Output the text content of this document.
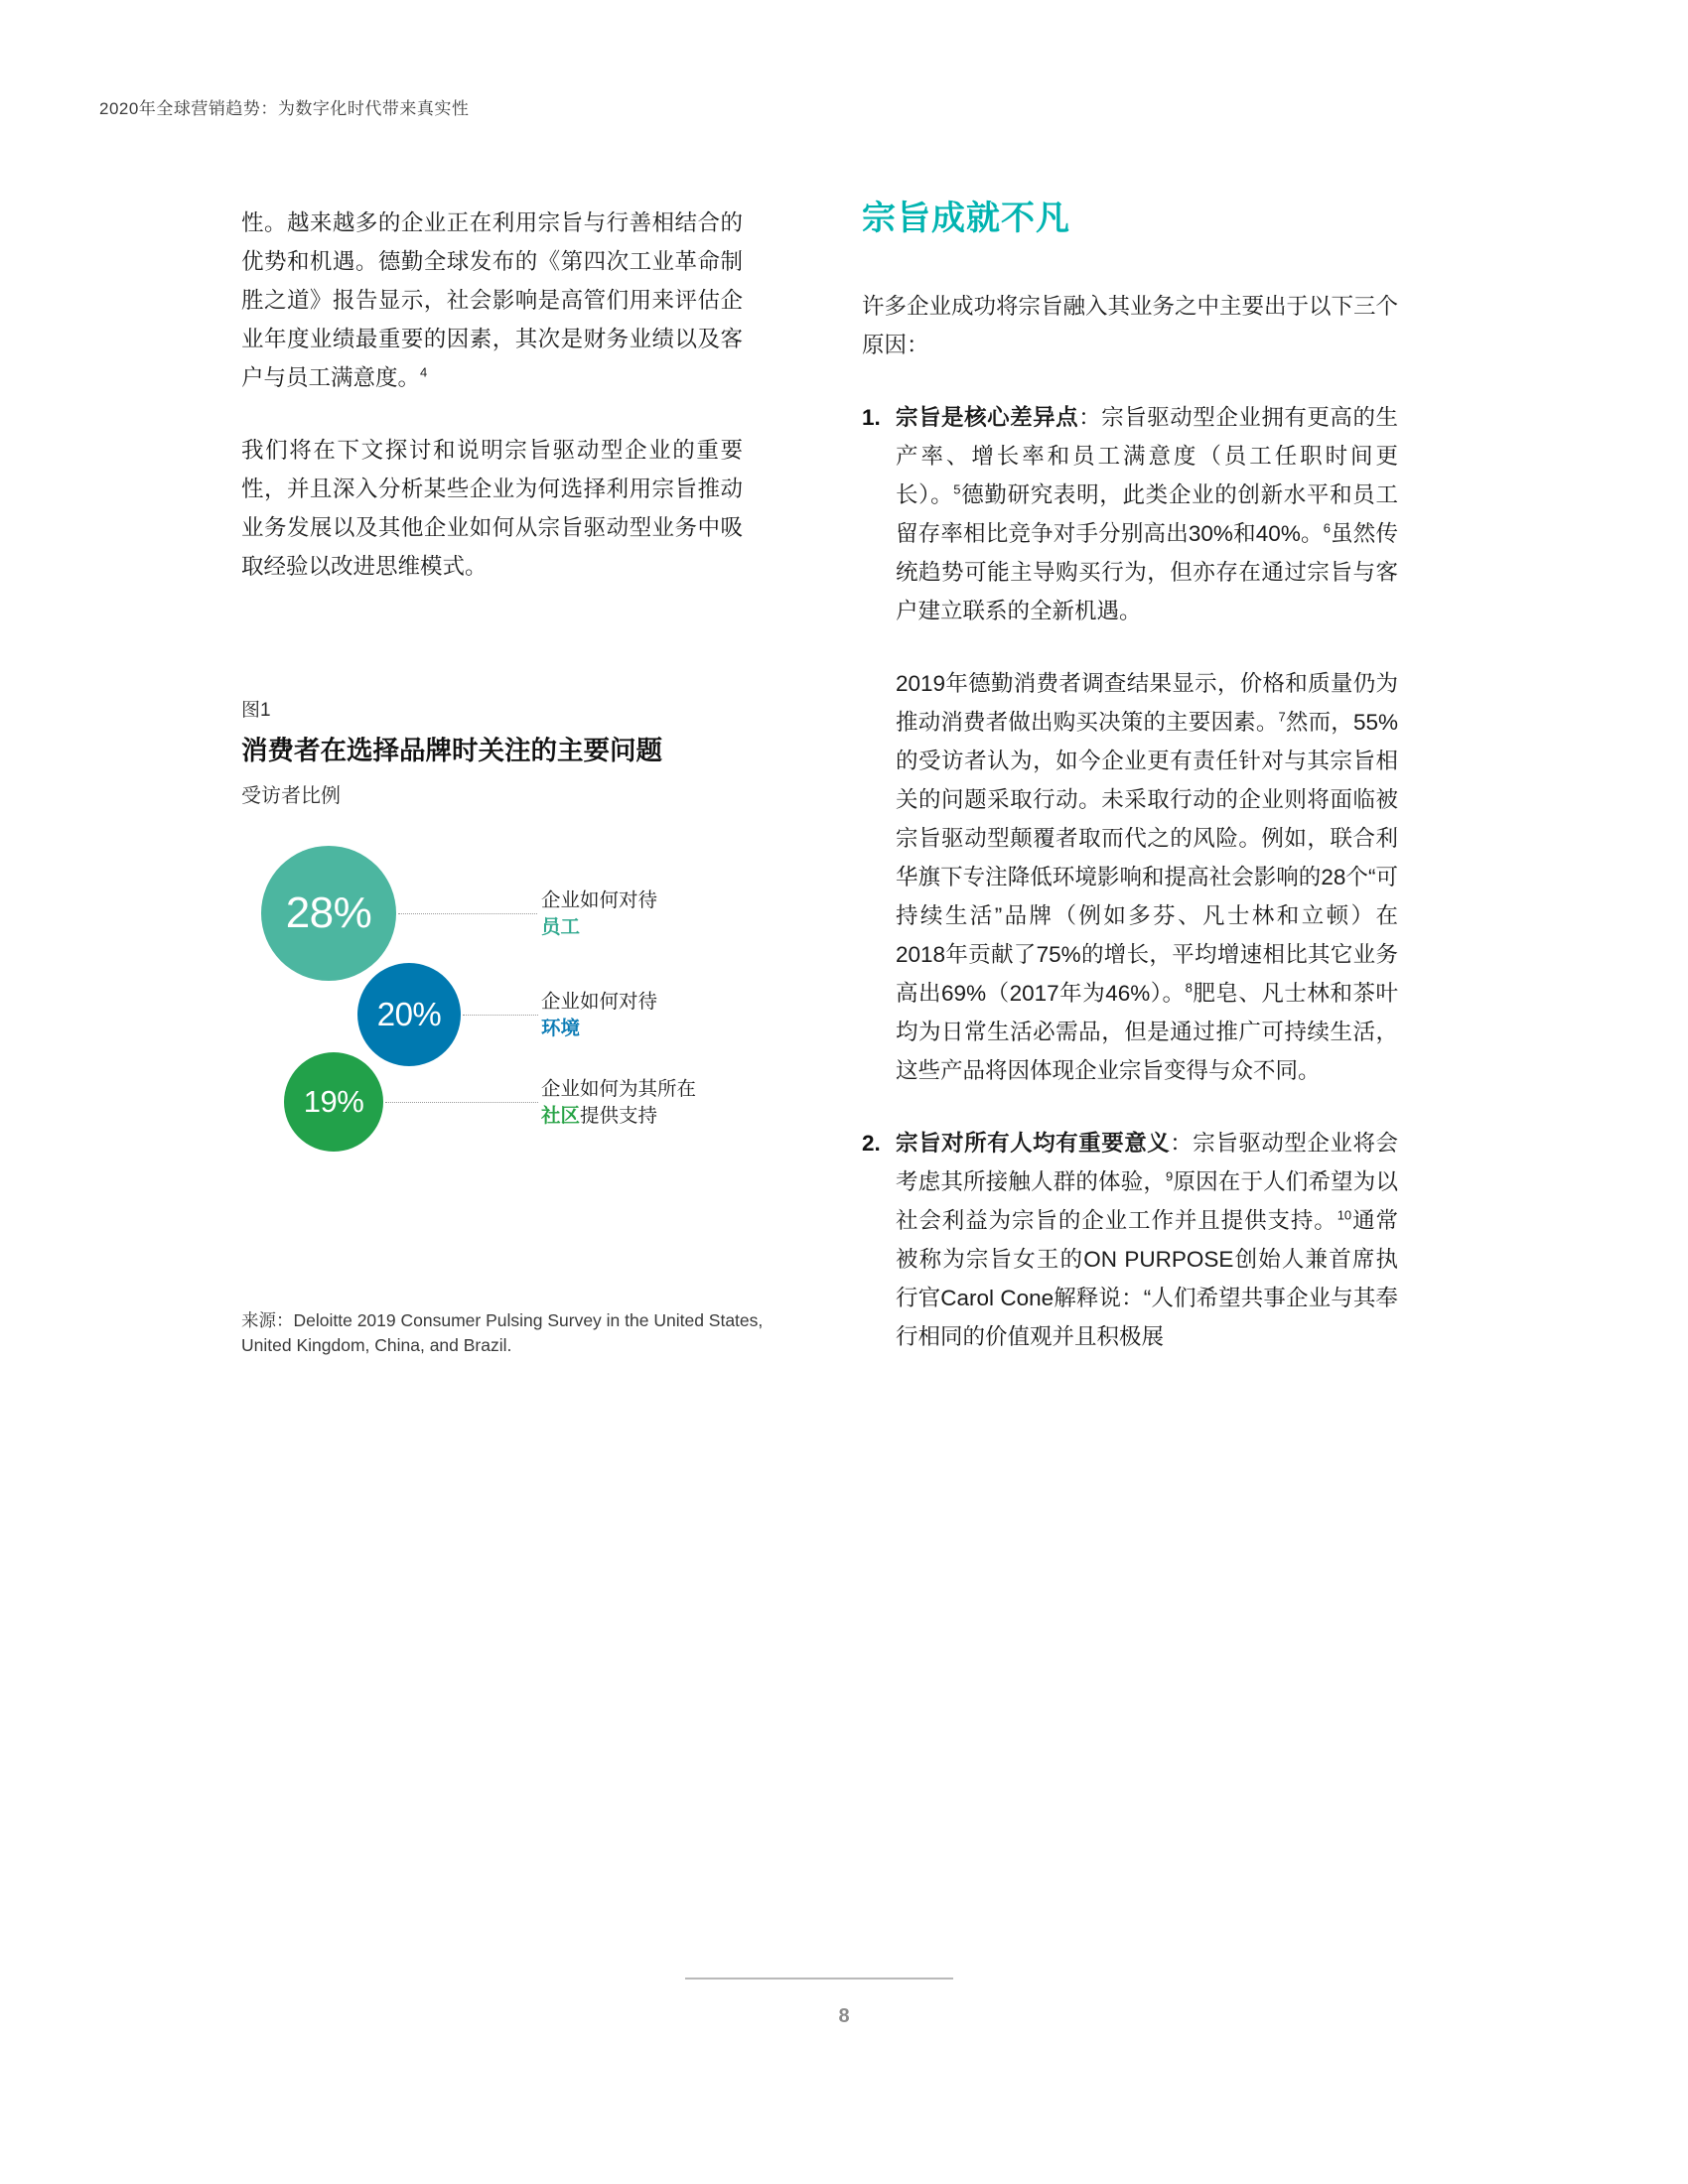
2020年全球营销趋势：为数字化时代带来真实性

性。越来越多的企业正在利用宗旨与行善相结合的优势和机遇。德勤全球发布的《第四次工业革命制胜之道》报告显示，社会影响是高管们用来评估企业年度业绩最重要的因素，其次是财务业绩以及客户与员工满意度。$^4$

我们将在下文探讨和说明宗旨驱动型企业的重要性，并且深入分析某些企业为何选择利用宗旨推动业务发展以及其他企业如何从宗旨驱动型业务中吸取经验以改进思维模式。

图1
消费者在选择品牌时关注的主要问题
受访者比例
28%	企业如何对待
员工
20%	企业如何对待
环境
19%	企业如何为其所在
社区提供支持
来源：Deloitte 2019 Consumer Pulsing Survey in the United States, United Kingdom, China, and Brazil.
宗旨成就不凡

许多企业成功将宗旨融入其业务之中主要出于以下三个原因：

1. 宗旨是核心差异点：宗旨驱动型企业拥有更高的生产率、增长率和员工满意度（员工任职时间更长）。$^5$德勤研究表明，此类企业的创新水平和员工留存率相比竞争对手分别高出30%和40%。$^6$虽然传统趋势可能主导购买行为，但亦存在通过宗旨与客户建立联系的全新机遇。
2019年德勤消费者调查结果显示，价格和质量仍为推动消费者做出购买决策的主要因素。$^7$然而，55%的受访者认为，如今企业更有责任针对与其宗旨相关的问题采取行动。未采取行动的企业则将面临被宗旨驱动型颠覆者取而代之的风险。例如，联合利华旗下专注降低环境影响和提高社会影响的28个“可持续生活”品牌（例如多芬、凡士林和立顿）在2018年贡献了75%的增长，平均增速相比其它业务高出69%（2017年为46%）。$^8$肥皂、凡士林和茶叶均为日常生活必需品，但是通过推广可持续生活，这些产品将因体现企业宗旨变得与众不同。
2. 宗旨对所有人均有重要意义：宗旨驱动型企业将会考虑其所接触人群的体验，$^9$原因在于人们希望为以社会利益为宗旨的企业工作并且提供支持。$^{10}$通常被称为宗旨女王的ON PURPOSE创始人兼首席执行官Carol Cone解释说：“人们希望共事企业与其奉行相同的价值观并且积极展
8
